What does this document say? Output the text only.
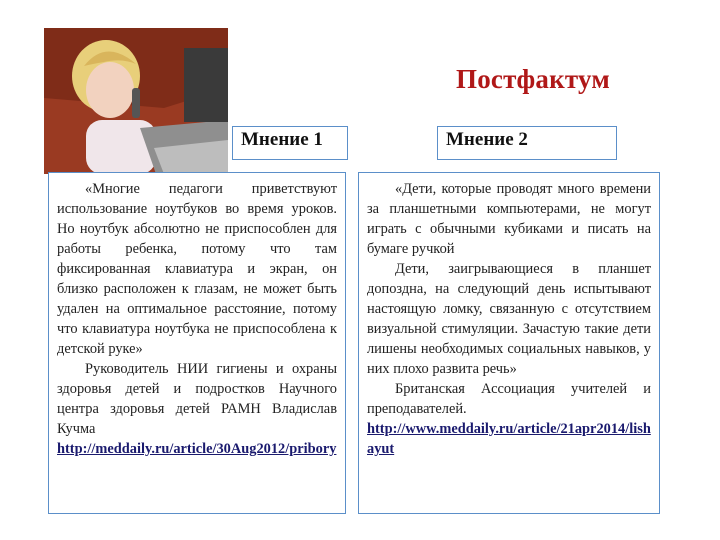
Постфактум
Мнение 1	Мнение 2

«Многие педагоги приветствуют использование ноутбуков во время уроков. Но ноутбук абсолютно не приспособлен для работы ребенка, потому что там фиксированная клавиатура и экран, он близко расположен к глазам, не может быть удален на оптимальное расстояние, потому что клавиатура ноутбука не приспособлена к детской руке»

Руководитель НИИ гигиены и охраны здоровья детей и подростков Научного центра здоровья детей РАМН Владислав Кучма

http://meddaily.ru/article/30Aug2012/pribory

«Дети, которые проводят много времени за планшетными компьютерами, не могут играть с обычными кубиками и писать на бумаге ручкой

Дети, заигрывающиеся в планшет допоздна, на следующий день испытывают настоящую ломку, связанную с отсутствием визуальной стимуляции. Зачастую такие дети лишены необходимых социальных навыков, у них плохо развита речь»

Британская Ассоциация учителей и преподавателей.

http://www.meddaily.ru/article/21apr2014/lishayut
